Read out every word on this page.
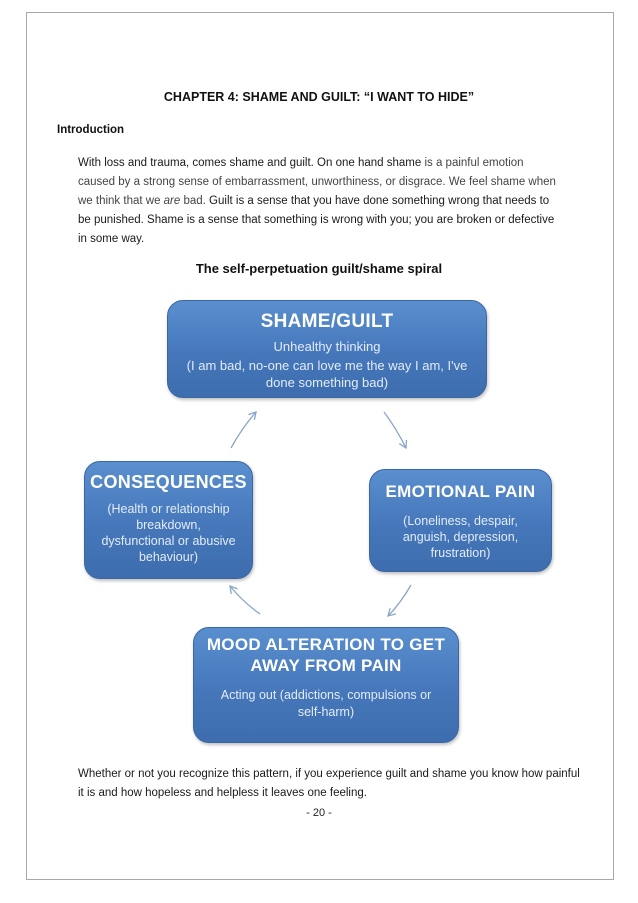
CHAPTER 4: SHAME AND GUILT: “I WANT TO HIDE”
Introduction
With loss and trauma, comes shame and guilt. On one hand shame is a painful emotion caused by a strong sense of embarrassment, unworthiness, or disgrace. We feel shame when we think that we are bad. Guilt is a sense that you have done something wrong that needs to be punished. Shame is a sense that something is wrong with you; you are broken or defective in some way.
The self-perpetuation guilt/shame spiral
SHAME/GUILT
Unhealthy thinking
(I am bad, no-one can love me the way I am, I've
done something bad)
CONSEQUENCES
(Health or relationship
breakdown,
dysfunctional or abusive
behaviour)
EMOTIONAL PAIN
(Loneliness, despair,
anguish, depression,
frustration)
MOOD ALTERATION TO GET
AWAY FROM PAIN
Acting out (addictions, compulsions or
self-harm)
Whether or not you recognize this pattern, if you experience guilt and shame you know how painful it is and how hopeless and helpless it leaves one feeling.
- 20 -
